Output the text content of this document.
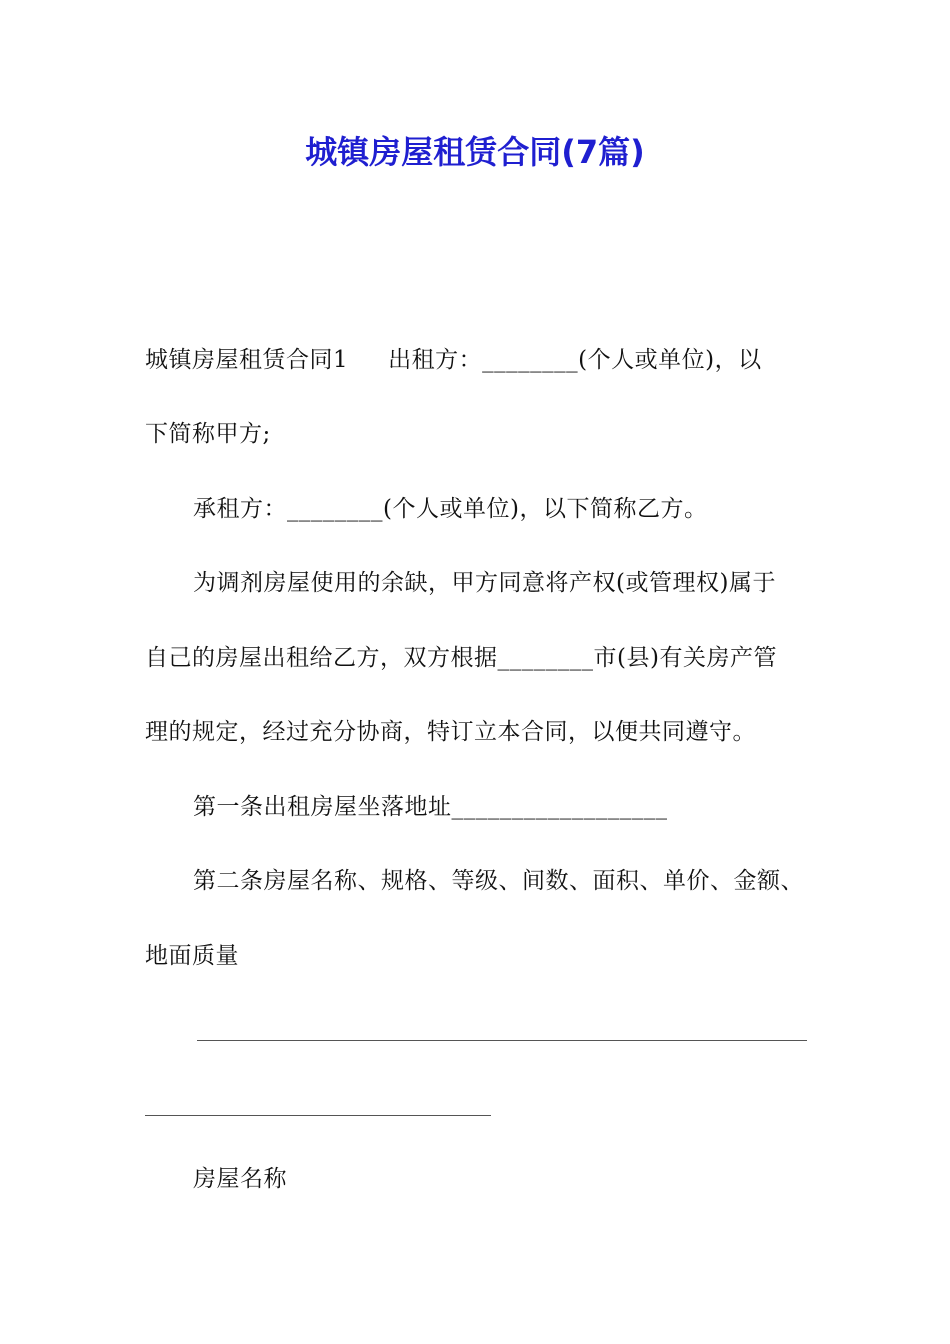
城镇房屋租赁合同(7篇)
城镇房屋租赁合同1 出租方：________(个人或单位)，以
下简称甲方;
承租方：________(个人或单位)，以下简称乙方。
为调剂房屋使用的余缺，甲方同意将产权(或管理权)属于
自己的房屋出租给乙方，双方根据________市(县)有关房产管
理的规定，经过充分协商，特订立本合同，以便共同遵守。
第一条出租房屋坐落地址__________________
第二条房屋名称、规格、等级、间数、面积、单价、金额、
地面质量
房屋名称
